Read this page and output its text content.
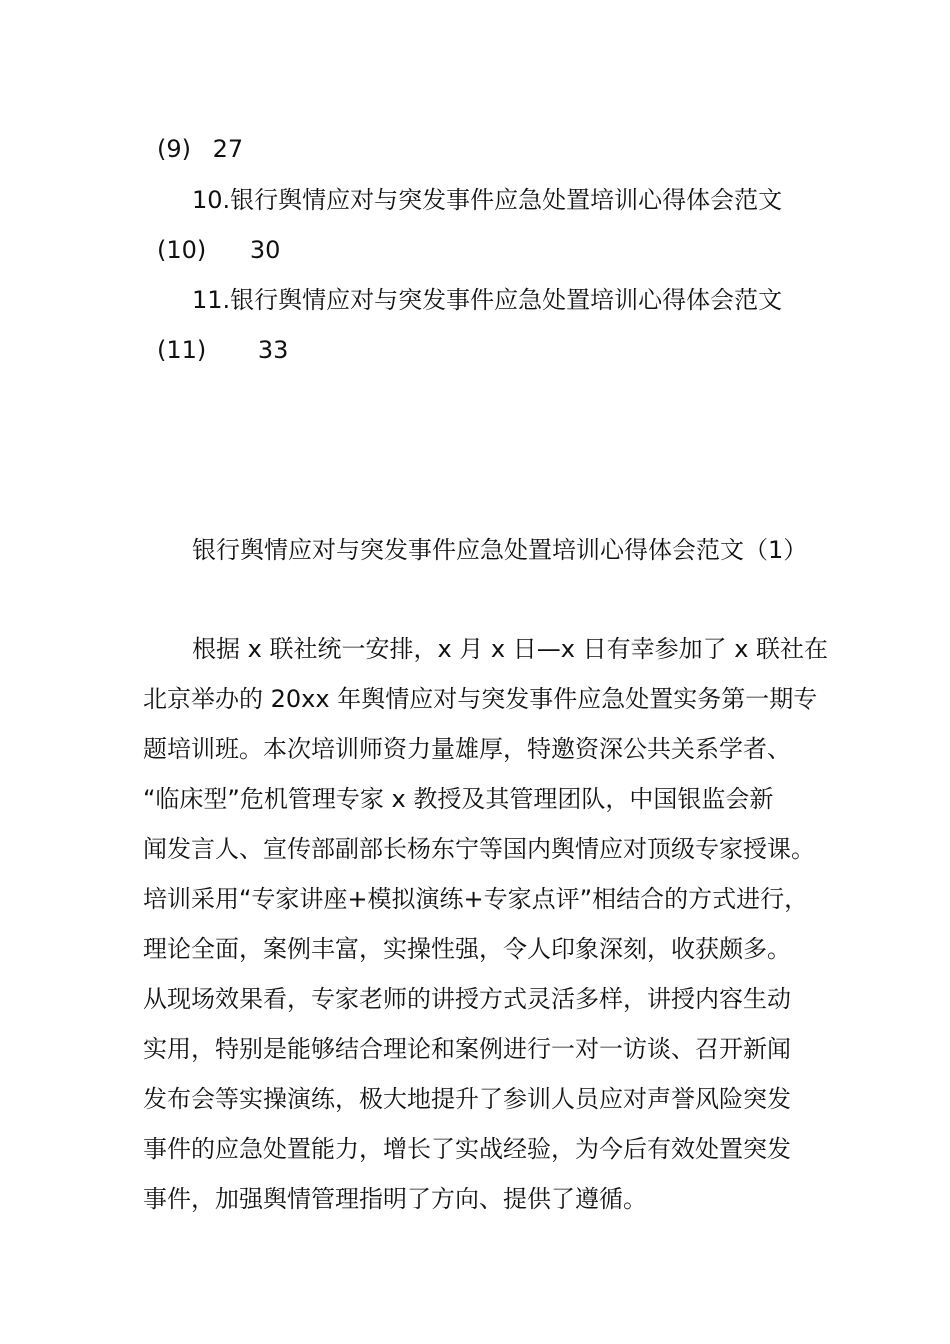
(9) 27
10.银行舆情应对与突发事件应急处置培训心得体会范文
(10) 30
11.银行舆情应对与突发事件应急处置培训心得体会范文
(11) 33
银行舆情应对与突发事件应急处置培训心得体会范文（1）
根据 x 联社统一安排，x 月 x 日—x 日有幸参加了 x 联社在
北京举办的 20xx 年舆情应对与突发事件应急处置实务第一期专
题培训班。本次培训师资力量雄厚，特邀资深公共关系学者、
“临床型”危机管理专家 x 教授及其管理团队，中国银监会新
闻发言人、宣传部副部长杨东宁等国内舆情应对顶级专家授课。
培训采用“专家讲座+模拟演练+专家点评”相结合的方式进行，
理论全面，案例丰富，实操性强，令人印象深刻，收获颇多。
从现场效果看，专家老师的讲授方式灵活多样，讲授内容生动
实用，特别是能够结合理论和案例进行一对一访谈、召开新闻
发布会等实操演练，极大地提升了参训人员应对声誉风险突发
事件的应急处置能力，增长了实战经验，为今后有效处置突发
事件，加强舆情管理指明了方向、提供了遵循。
